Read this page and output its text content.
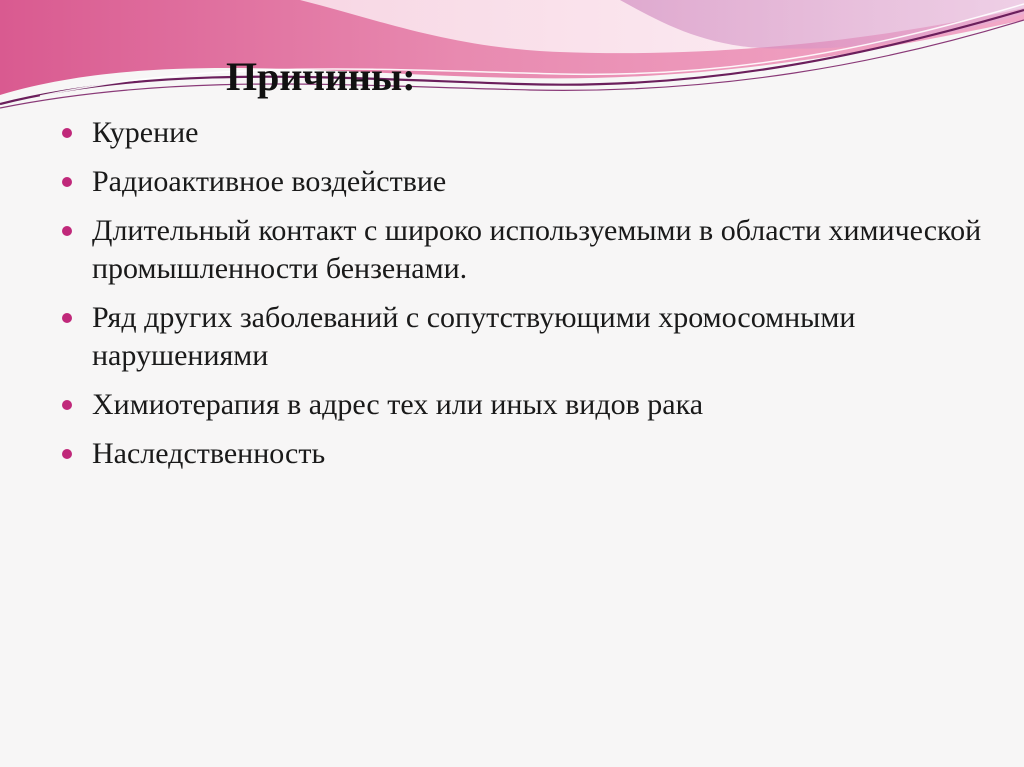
Причины:
Курение
Радиоактивное воздействие
Длительный контакт с широко используемыми в области химической промышленности бензенами.
Ряд других заболеваний с сопутствующими хромосомными нарушениями
Химиотерапия в адрес тех или иных видов рака
Наследственность
